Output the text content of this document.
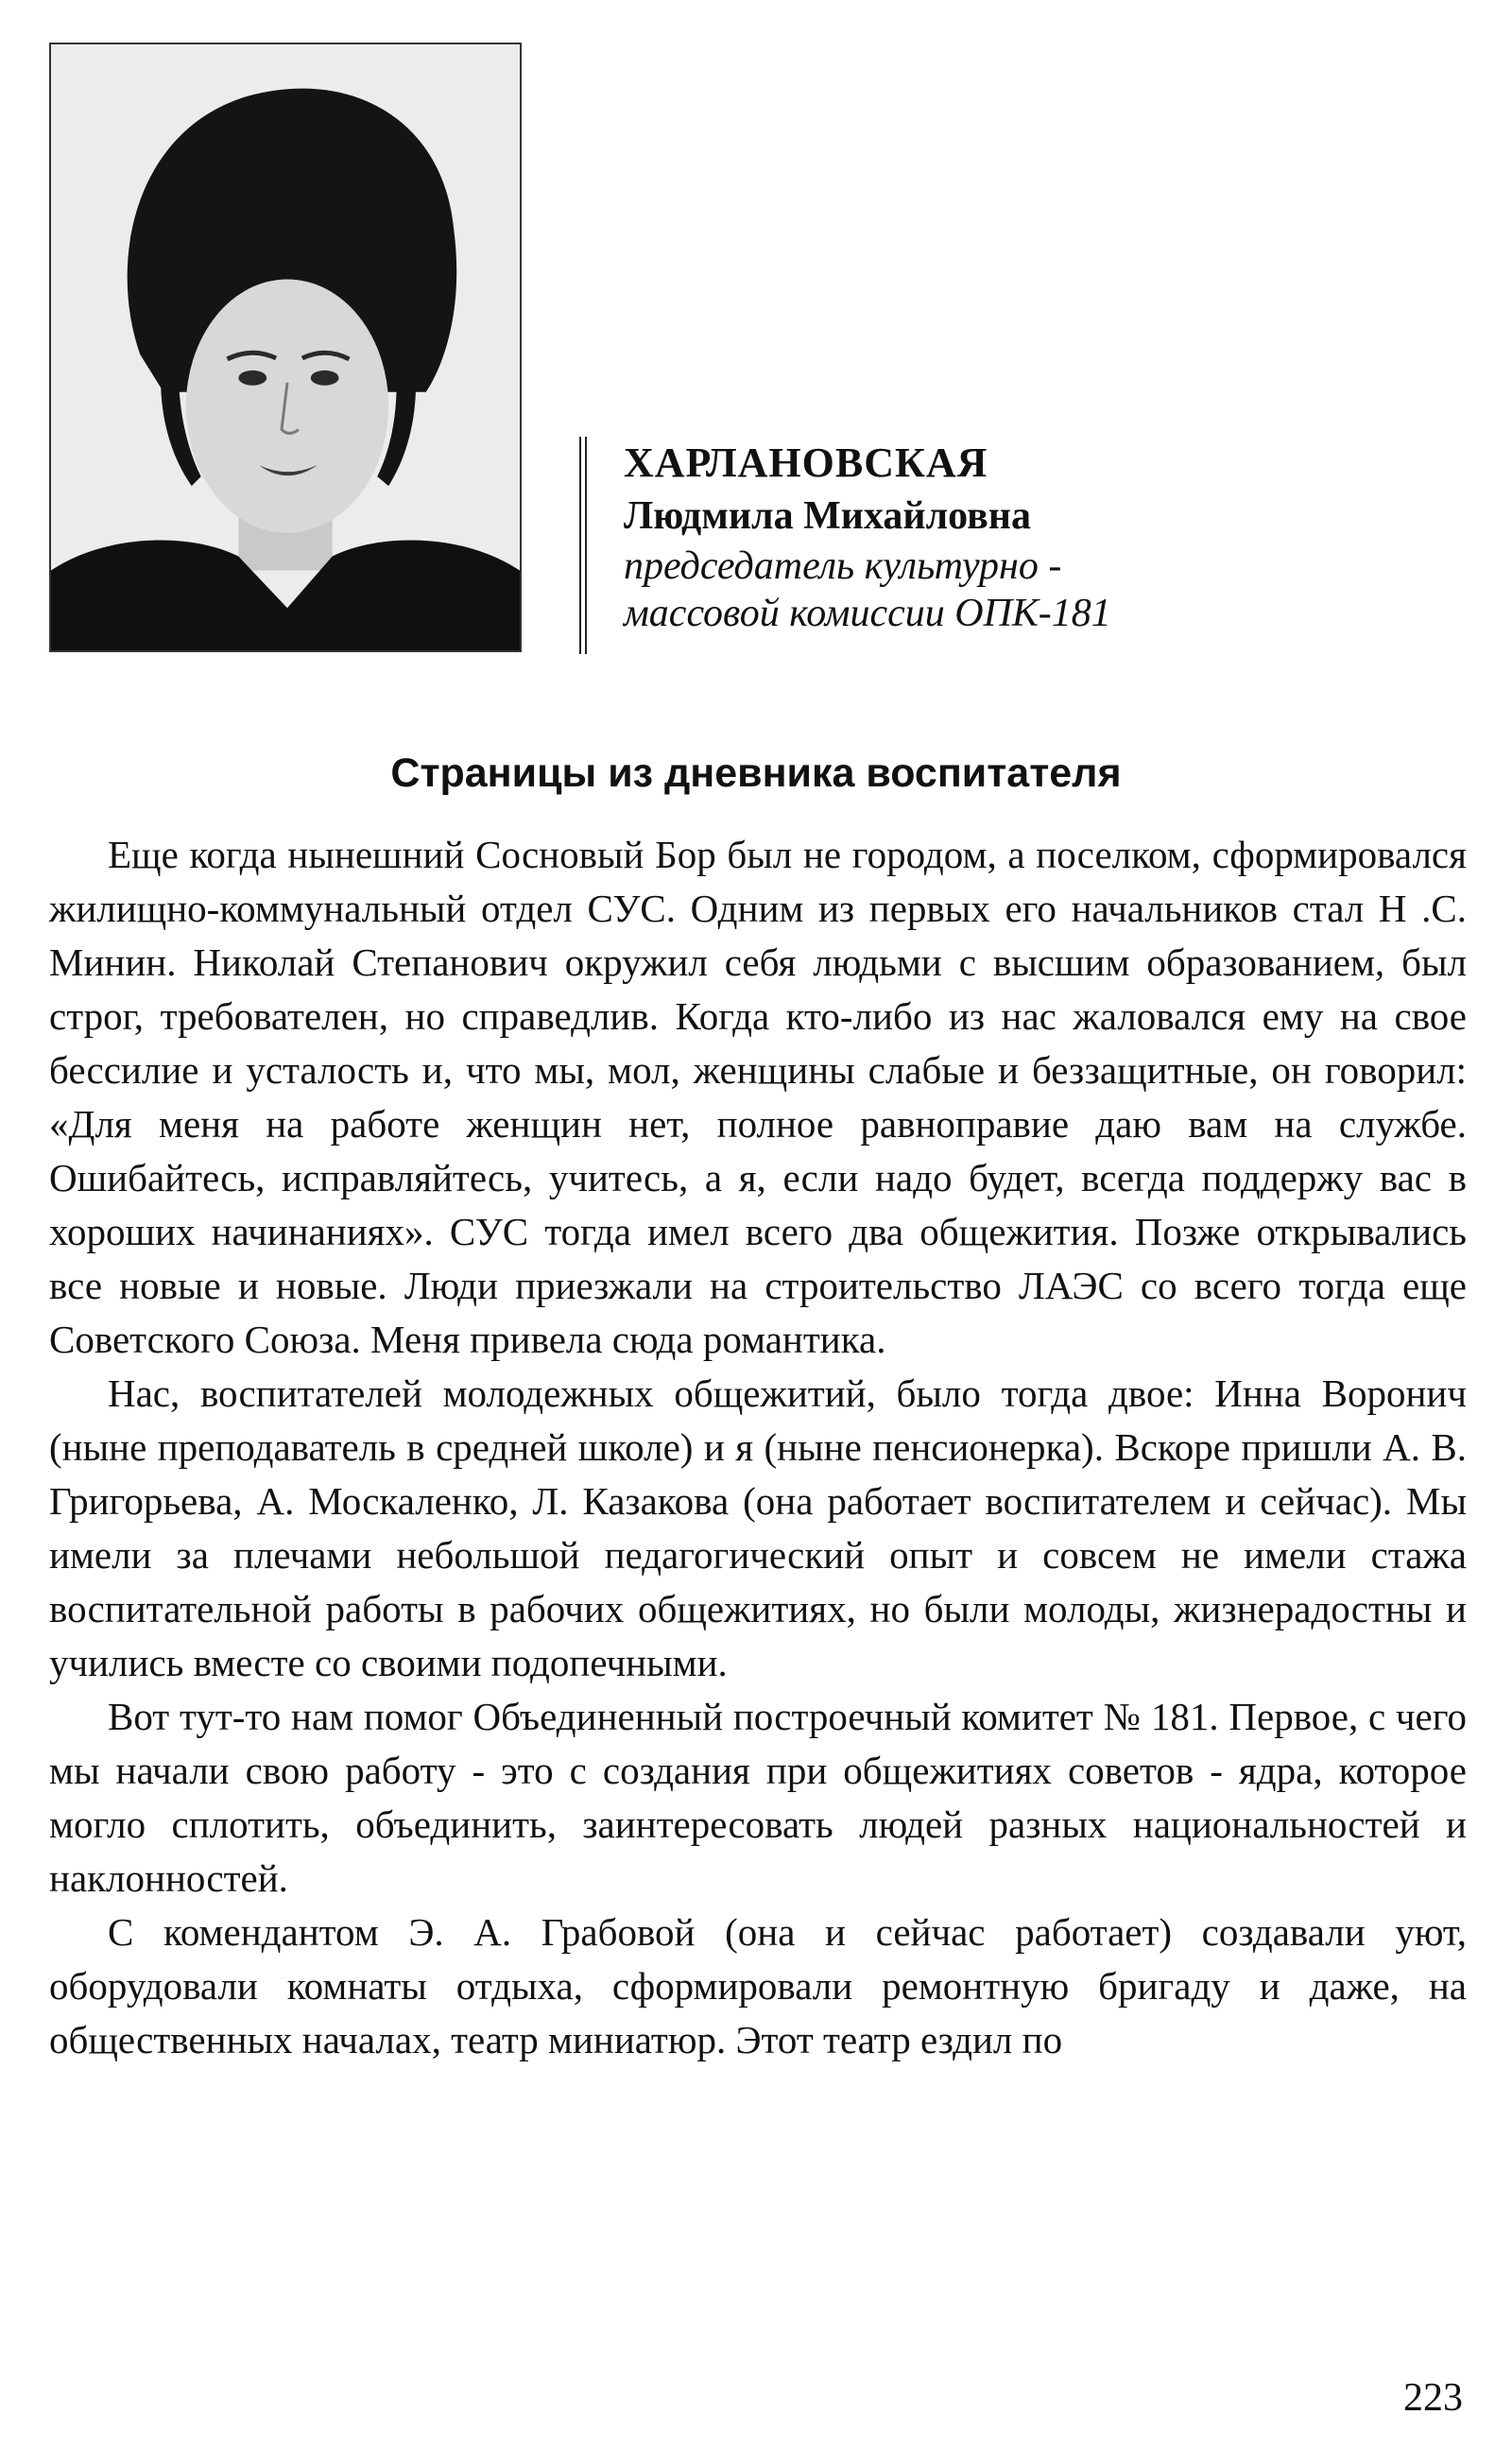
ХАРЛАНОВСКАЯ
Людмила Михайловна
председатель культурно -
массовой комиссии ОПК-181
Страницы из дневника воспитателя

Еще когда нынешний Сосновый Бор был не городом, а поселком, сформировался жилищно-коммунальный отдел СУС. Одним из первых его начальников стал Н .С. Минин. Николай Степанович окружил себя людьми с высшим образованием, был строг, требователен, но справедлив. Когда кто-либо из нас жаловался ему на свое бессилие и усталость и, что мы, мол, женщины слабые и беззащитные, он говорил: «Для меня на работе женщин нет, полное равноправие даю вам на службе. Ошибайтесь, исправляйтесь, учитесь, а я, если надо будет, всегда поддержу вас в хороших начинаниях». СУС тогда имел всего два общежития. Позже открывались все новые и новые. Люди приезжали на строительство ЛАЭС со всего тогда еще Советского Союза. Меня привела сюда романтика.

Нас, воспитателей молодежных общежитий, было тогда двое: Инна Воронич (ныне преподаватель в средней школе) и я (ныне пенсионерка). Вскоре пришли А. В. Григорьева, А. Москаленко, Л. Казакова (она работает воспитателем и сейчас). Мы имели за плечами небольшой педагогический опыт и совсем не имели стажа воспитательной работы в рабочих общежитиях, но были молоды, жизнерадостны и учились вместе со своими подопечными.

Вот тут-то нам помог Объединенный построечный комитет № 181. Первое, с чего мы начали свою работу - это с создания при общежитиях советов - ядра, которое могло сплотить, объединить, заинтересовать людей разных национальностей и наклонностей.

С комендантом Э. А. Грабовой (она и сейчас работает) создавали уют, оборудовали комнаты отдыха, сформировали ремонтную бригаду и даже, на общественных началах, театр миниатюр. Этот театр ездил по

223
